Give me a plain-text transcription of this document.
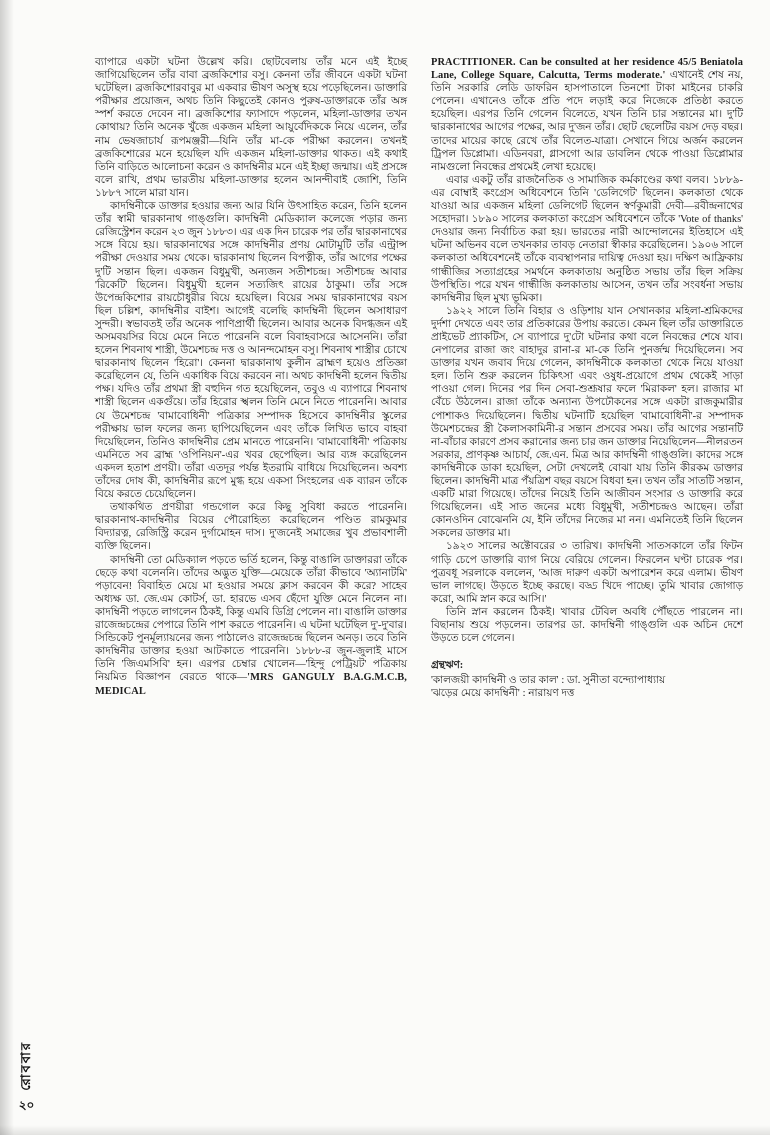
রোববার
২০

ব্যাপারে একটা ঘটনা উল্লেখ করি। ছোটবেলায় তাঁর মনে এই ইচ্ছে জাগিয়েছিলেন তাঁর বাবা ব্রজকিশোর বসু। কেননা তাঁর জীবনে একটা ঘটনা ঘটেছিল। ব্রজকিশোরবাবুর মা একবার ভীষণ অসুস্থ হয়ে পড়েছিলেন। ডাক্তারি পরীক্ষার প্রয়োজন, অথচ তিনি কিছুতেই কোনও পুরুষ-ডাক্তারকে তাঁর অঙ্গ স্পর্শ করতে দেবেন না। ব্রজকিশোর ফ্যাসাদে পড়লেন, মহিলা-ডাক্তার তখন কোথায়? তিনি অনেক খুঁজে একজন মহিলা আয়ুর্বেদিককে নিয়ে এলেন, তাঁর নাম ভেষজাচার্য রূপমঞ্জরী—যিনি তাঁর মা-কে পরীক্ষা করলেন। তখনই ব্রজকিশোরের মনে হয়েছিল যদি একজন মহিলা-ডাক্তার থাকত। এই কথাই তিনি বাড়িতে আলোচনা করেন ও কাদম্বিনীর মনে এই ইচ্ছা জন্মায়। এই প্রসঙ্গে বলে রাখি, প্রথম ভারতীয় মহিলা-ডাক্তার হলেন আনন্দীবাই জোশি, তিনি ১৮৮৭ সালে মারা যান।

কাদম্বিনীকে ডাক্তার হওয়ার জন্য আর যিনি উৎসাহিত করেন, তিনি হলেন তাঁর স্বামী দ্বারকানাথ গাঙ্গুলি। কাদম্বিনী মেডিক্যাল কলেজে পড়ার জন্য রেজিস্ট্রেশন করেন ২৩ জুন ১৮৮৩। এর এক দিন চারেক পর তাঁর দ্বারকানাথের সঙ্গে বিয়ে হয়। দ্বারকানাথের সঙ্গে কাদম্বিনীর প্রণয় মোটামুটি তাঁর এন্ট্রান্স পরীক্ষা দেওয়ার সময় থেকে। দ্বারকানাথ ছিলেন বিপত্নীক, তাঁর আগের পক্ষের দু'টি সন্তান ছিল। একজন বিধুমুখী, অন্যজন সতীশচন্দ্র। সতীশচন্দ্র আবার 'রিকেটি' ছিলেন। বিধুমুখী হলেন সত্যজিৎ রায়ের ঠাকুমা। তাঁর সঙ্গে উপেন্দ্রকিশোর রায়চৌধুরীর বিয়ে হয়েছিল। বিয়ের সময় দ্বারকানাথের বয়স ছিল চল্লিশ, কাদম্বিনীর বাইশ। আগেই বলেছি কাদম্বিনী ছিলেন অসাধারণ সুন্দরী। স্বভাবতই তাঁর অনেক পাণিপ্রার্থী ছিলেন। আবার অনেক বিদগ্ধজন এই অসমবয়সির বিয়ে মেনে নিতে পারেননি বলে বিবাহবাসরে আসেননি। তাঁরা হলেন শিবনাথ শাস্ত্রী, উমেশচন্দ্র দত্ত ও আনন্দমোহন বসু। শিবনাথ শাস্ত্রীর চোখে দ্বারকানাথ ছিলেন 'হিরো'। কেননা দ্বারকানাথ কুলীন ব্রাহ্মণ হয়েও প্রতিজ্ঞা করেছিলেন যে, তিনি একাধিক বিয়ে করবেন না। অথচ কাদম্বিনী হলেন দ্বিতীয় পক্ষ। যদিও তাঁর প্রথমা স্ত্রী বহুদিন গত হয়েছিলেন, তবুও এ ব্যাপারে শিবনাথ শাস্ত্রী ছিলেন একগুঁয়ে। তাঁর হিরোর স্খলন তিনি মেনে নিতে পারেননি। আবার যে উমেশচন্দ্র 'বামাবোধিনী' পত্রিকার সম্পাদক হিসেবে কাদম্বিনীর স্কুলের পরীক্ষায় ভাল ফলের জন্য ছাপিয়েছিলেন এবং তাঁকে লিখিত ভাবে বাহবা দিয়েছিলেন, তিনিও কাদম্বিনীর প্রেম মানতে পারেননি। 'বামাবোধিনী' পত্রিকায় এমনিতে সব ব্রাহ্ম 'ওপিনিয়ন'-এর খবর ছেপেছিল। আর ব্যঙ্গ করেছিলেন একদল হতাশ প্রণয়ী। তাঁরা এতদূর পর্যন্ত ইতরামি বাধিয়ে দিয়েছিলেন। অবশ্য তাঁদের দোষ কী, কাদম্বিনীর রূপে মুগ্ধ হয়ে একসা সিংহলের এক ব্যারন তাঁকে বিয়ে করতে চেয়েছিলেন।

তথাকথিত প্রণয়ীরা গন্ডগোল করে কিছু সুবিধা করতে পারেননি। দ্বারকানাথ-কাদম্বিনীর বিয়ের পৌরোহিত্য করেছিলেন পণ্ডিত রামকুমার বিদ্যারত্ন, রেজিস্ট্রি করেন দুর্গামোহন দাস। দু'জনেই সমাজের খুব প্রভাবশালী ব্যক্তি ছিলেন।

কাদম্বিনী তো মেডিক্যাল পড়তে ভর্তি হলেন, কিন্তু বাঙালি ডাক্তাররা তাঁকে ছেড়ে কথা বলেননি। তাঁদের অদ্ভুত যুক্তি—মেয়েকে তাঁরা কীভাবে 'অ্যানাটমি' পড়াবেন! বিবাহিত মেয়ে মা হওয়ার সময়ে ক্লাস করবেন কী করে? সাহেব অধ্যক্ষ ডা. জে.এম কোটর্স, ডা. হারভে এসব ছেঁদো যুক্তি মেনে নিলেন না। কাদম্বিনী পড়তে লাগলেন ঠিকই, কিন্তু এমবি ডিগ্রি পেলেন না। বাঙালি ডাক্তার রাজেন্দ্রচন্দ্রের পেপারে তিনি পাশ করতে পারেননি। এ ঘটনা ঘটেছিল দু'-দু'বার। সিন্ডিকেট পুনর্মূল্যায়নের জন্য পাঠালেও রাজেন্দ্রচন্দ্র ছিলেন অনড়। তবে তিনি কাদম্বিনীর ডাক্তার হওয়া আটকাতে পারেননি। ১৮৮৮-র জুন-জুলাই মাসে তিনি 'জিএমসিবি' হন। এরপর চেম্বার খোলেন—'হিন্দু পেট্রিয়ট' পত্রিকায় নিয়মিত বিজ্ঞাপন বেরতে থাকে—'MRS GANGULY B.A.G.M.C.B, MEDICAL

PRACTITIONER. Can be consulted at her residence 45/5 Beniatola Lane, College Square, Calcutta, Terms moderate.' এখানেই শেষ নয়, তিনি সরকারি লেডি ডাফরিন হাসপাতালে তিনশো টাকা মাইনের চাকরি পেলেন। এখানেও তাঁকে প্রতি পদে লড়াই করে নিজেকে প্রতিষ্ঠা করতে হয়েছিল। এরপর তিনি গেলেন বিলেতে, যখন তিনি চার সন্তানের মা। দু'টি দ্বারকানাথের আগের পক্ষের, আর দু'জন তাঁর। ছোট ছেলেটির বয়স দেড় বছর। তাদের মায়ের কাছে রেখে তাঁর বিলেত-যাত্রা। সেখানে গিয়ে অর্জন করলেন ট্রিপল ডিপ্লোমা। এডিনবরা, গ্লাসগো আর ডাবলিন থেকে পাওয়া ডিপ্লোমার নামগুলো নিবন্ধের প্রথমেই লেখা হয়েছে।

এবার একটু তাঁর রাজনৈতিক ও সামাজিক কর্মকাণ্ডের কথা বলব। ১৮৮৯-এর বোম্বাই কংগ্রেস অধিবেশনে তিনি 'ডেলিগেট' ছিলেন। কলকাতা থেকে যাওয়া আর একজন মহিলা ডেলিগেট ছিলেন স্বর্ণকুমারী দেবী—রবীন্দ্রনাথের সহোদরা। ১৮৯০ সালের কলকাতা কংগ্রেস অধিবেশনে তাঁকে 'Vote of thanks' দেওয়ার জন্য নির্বাচিত করা হয়। ভারতের নারী আন্দোলনের ইতিহাসে এই ঘটনা অভিনব বলে তখনকার তাবড় নেতারা স্বীকার করেছিলেন। ১৯০৬ সালে কলকাতা অধিবেশনেই তাঁকে ব্যবস্থাপনার দায়িত্ব দেওয়া হয়। দক্ষিণ আফ্রিকায় গান্ধীজির সত্যাগ্রহের সমর্থনে কলকাতায় অনুষ্ঠিত সভায় তাঁর ছিল সক্রিয় উপস্থিতি। পরে যখন গান্ধীজি কলকাতায় আসেন, তখন তাঁর সংবর্ধনা সভায় কাদম্বিনীর ছিল মুখ্য ভূমিকা।

১৯২২ সালে তিনি বিহার ও ওড়িশায় যান সেখানকার মহিলা-শ্রমিকদের দুর্দশা দেখতে এবং তার প্রতিকারের উপায় করতে। কেমন ছিল তাঁর ডাক্তারিতে প্রাইভেট প্র্যাকটিস, সে ব্যাপারে দু'টো ঘটনার কথা বলে নিবন্ধের শেষে যাব। নেপালের রাজা জং বাহাদুর রানা-র মা-কে তিনি পুনর্জন্ম দিয়েছিলেন। সব ডাক্তার যখন জবাব দিয়ে গেলেন, কাদম্বিনীকে কলকাতা থেকে নিয়ে যাওয়া হল। তিনি শুরু করলেন চিকিৎসা এবং ওষুধ-প্রয়োগে প্রথম থেকেই সাড়া পাওয়া গেল। দিনের পর দিন সেবা-শুশ্রূষার ফলে 'মিরাকল' হল। রাজার মা বেঁচে উঠলেন। রাজা তাঁকে অন্যান্য উপঢৌকনের সঙ্গে একটা রাজকুমারীর পোশাকও দিয়েছিলেন। দ্বিতীয় ঘটনাটি হয়েছিল 'বামাবোধিনী'-র সম্পাদক উমেশচন্দ্রের স্ত্রী কৈলাসকামিনী-র সন্তান প্রসবের সময়। তাঁর আগের সন্তানটি না-বাঁচার কারণে প্রসব করানোর জন্য চার জন ডাক্তার নিয়েছিলেন—নীলরতন সরকার, প্রাণকৃষ্ণ আচার্য, জে.এন. মিত্র আর কাদম্বিনী গাঙ্গুলি। কাদের সঙ্গে কাদম্বিনীকে ডাকা হয়েছিল, সেটা দেখলেই বোঝা যায় তিনি কীরকম ডাক্তার ছিলেন। কাদম্বিনী মাত্র পঁয়ত্রিশ বছর বয়সে বিধবা হন। তখন তাঁর সাতটি সন্তান, একটি মারা গিয়েছে। তাঁদের নিয়েই তিনি আজীবন সংসার ও ডাক্তারি করে গিয়েছিলেন। এই সাত জনের মধ্যে বিধুমুখী, সতীশচন্দ্রও আছেন। তাঁরা কোনওদিন বোঝেননি যে, ইনি তাঁদের নিজের মা নন। এমনিতেই তিনি ছিলেন সকলের ডাক্তার মা।

১৯২৩ সালের অক্টোবরের ৩ তারিখ। কাদম্বিনী সাতসকালে তাঁর ফিটন গাড়ি চেপে ডাক্তারি ব্যাগ নিয়ে বেরিয়ে গেলেন। ফিরলেন ঘণ্টা চারেক পর। পুত্রবধূ সরলাকে বললেন, 'আজ দারুণ একটা অপারেশন করে এলাম। ভীষণ ভাল লাগছে। উড়তে ইচ্ছে করছে। বড্ড খিদে পাচ্ছে। তুমি খাবার জোগাড় করো, আমি স্নান করে আসি।'

তিনি স্নান করলেন ঠিকই। খাবার টেবিল অবধি পৌঁছতে পারলেন না। বিছানায় শুয়ে পড়লেন। তারপর ডা. কাদম্বিনী গাঙ্গুলি এক অচিন দেশে উড়তে চলে গেলেন।

গ্রন্থঋণ:

'কালজয়ী কাদম্বিনী ও তার কাল' : ডা. সুনীতা বন্দ্যোপাধ্যায়

'ঝড়ের মেয়ে কাদম্বিনী' : নারায়ণ দত্ত
